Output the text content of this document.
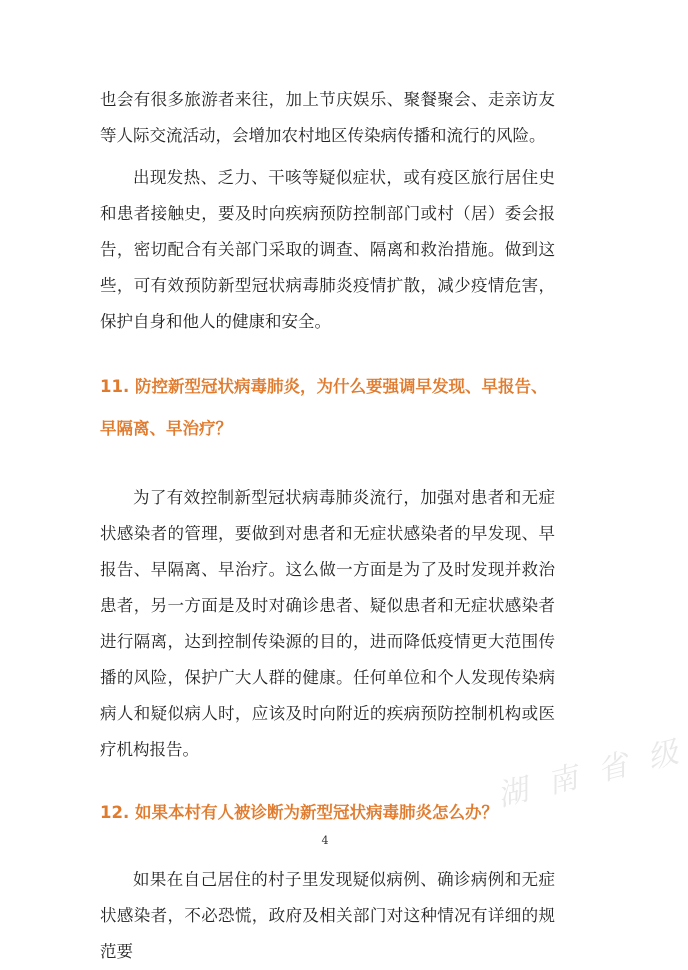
也会有很多旅游者来往，加上节庆娱乐、聚餐聚会、走亲访友等人际交流活动，会增加农村地区传染病传播和流行的风险。

出现发热、乏力、干咳等疑似症状，或有疫区旅行居住史和患者接触史，要及时向疾病预防控制部门或村（居）委会报告，密切配合有关部门采取的调查、隔离和救治措施。做到这些，可有效预防新型冠状病毒肺炎疫情扩散，减少疫情危害，保护自身和他人的健康和安全。

11. 防控新型冠状病毒肺炎，为什么要强调早发现、早报告、早隔离、早治疗？

为了有效控制新型冠状病毒肺炎流行，加强对患者和无症状感染者的管理，要做到对患者和无症状感染者的早发现、早报告、早隔离、早治疗。这么做一方面是为了及时发现并救治患者，另一方面是及时对确诊患者、疑似患者和无症状感染者进行隔离，达到控制传染源的目的，进而降低疫情更大范围传播的风险，保护广大人群的健康。任何单位和个人发现传染病病人和疑似病人时，应该及时向附近的疾病预防控制机构或医疗机构报告。

12. 如果本村有人被诊断为新型冠状病毒肺炎怎么办？

如果在自己居住的村子里发现疑似病例、确诊病例和无症状感染者，不必恐慌，政府及相关部门对这种情况有详细的规范要

湖 南 省 级
4
